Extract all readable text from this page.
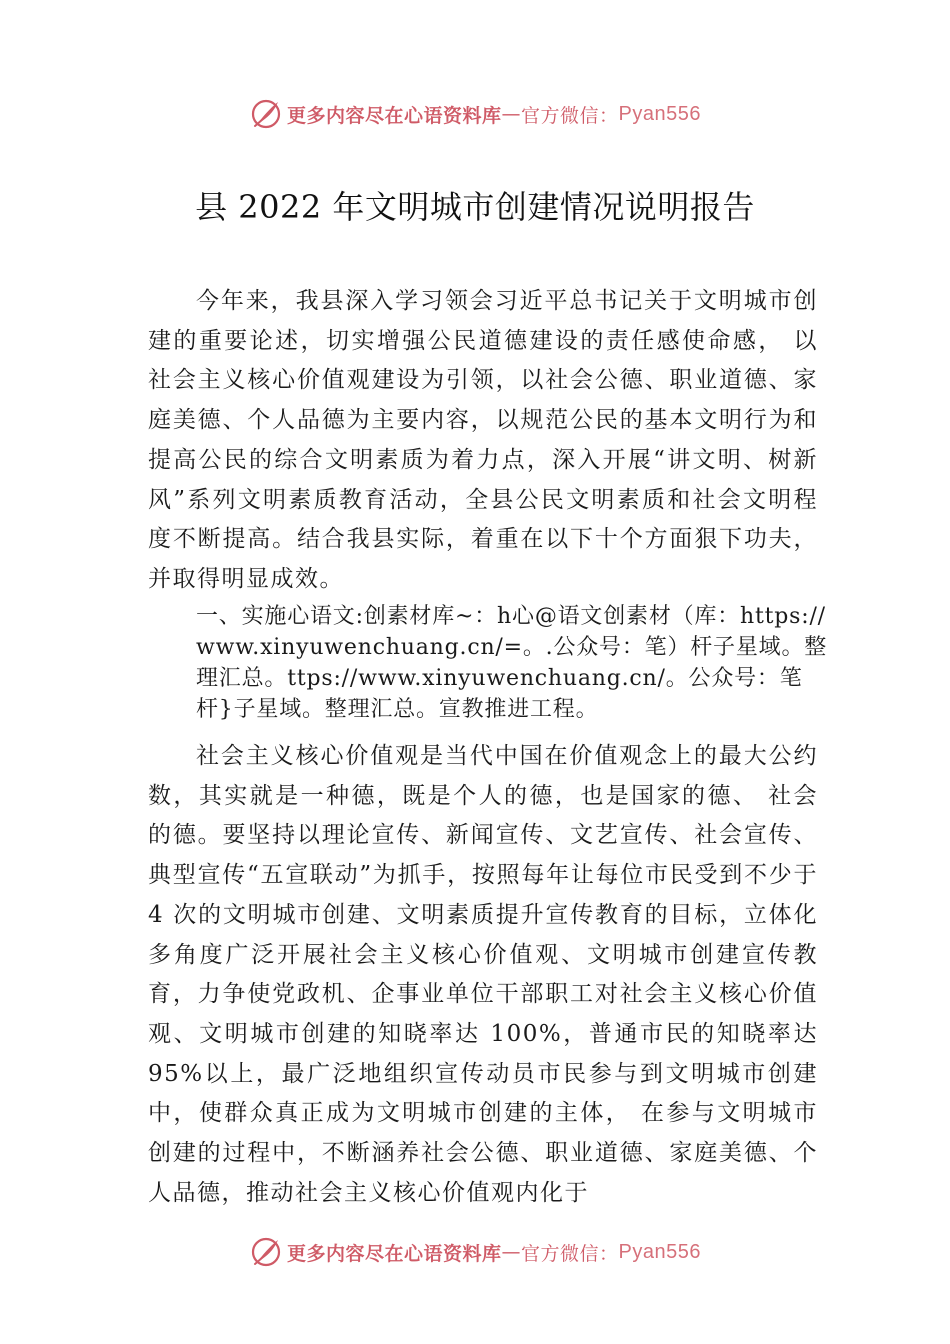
更多内容尽在心语资料库 — 官方微信： Pyan556
县 2022 年文明城市创建情况说明报告
今年来，我县深入学习领会习近平总书记关于文明城市创建的重要论述，切实增强公民道德建设的责任感使命感， 以社会主义核心价值观建设为引领，以社会公德、职业道德、家庭美德、个人品德为主要内容，以规范公民的基本文明行为和提高公民的综合文明素质为着力点，深入开展“讲文明、树新风”系列文明素质教育活动，全县公民文明素质和社会文明程度不断提高。结合我县实际，着重在以下十个方面狠下功夫，并取得明显成效。
一、实施心语文:创素材库~：h心@语文创素材（库：https://www.xinyuwenchuang.cn/=。.公众号：笔）杆子星域。整理汇总。ttps://www.xinyuwenchuang.cn/。公众号：笔杆}子星域。整理汇总。宣教推进工程。
社会主义核心价值观是当代中国在价值观念上的最大公约数，其实就是一种德，既是个人的德，也是国家的德、 社会的德。要坚持以理论宣传、新闻宣传、文艺宣传、社会宣传、典型宣传“五宣联动”为抓手，按照每年让每位市民受到不少于 4 次的文明城市创建、文明素质提升宣传教育的目标，立体化多角度广泛开展社会主义核心价值观、文明城市创建宣传教育，力争使党政机、企事业单位干部职工对社会主义核心价值观、文明城市创建的知晓率达 100%，普通市民的知晓率达 95%以上，最广泛地组织宣传动员市民参与到文明城市创建中，使群众真正成为文明城市创建的主体， 在参与文明城市创建的过程中，不断涵养社会公德、职业道德、家庭美德、个人品德，推动社会主义核心价值观内化于
更多内容尽在心语资料库 — 官方微信： Pyan556
